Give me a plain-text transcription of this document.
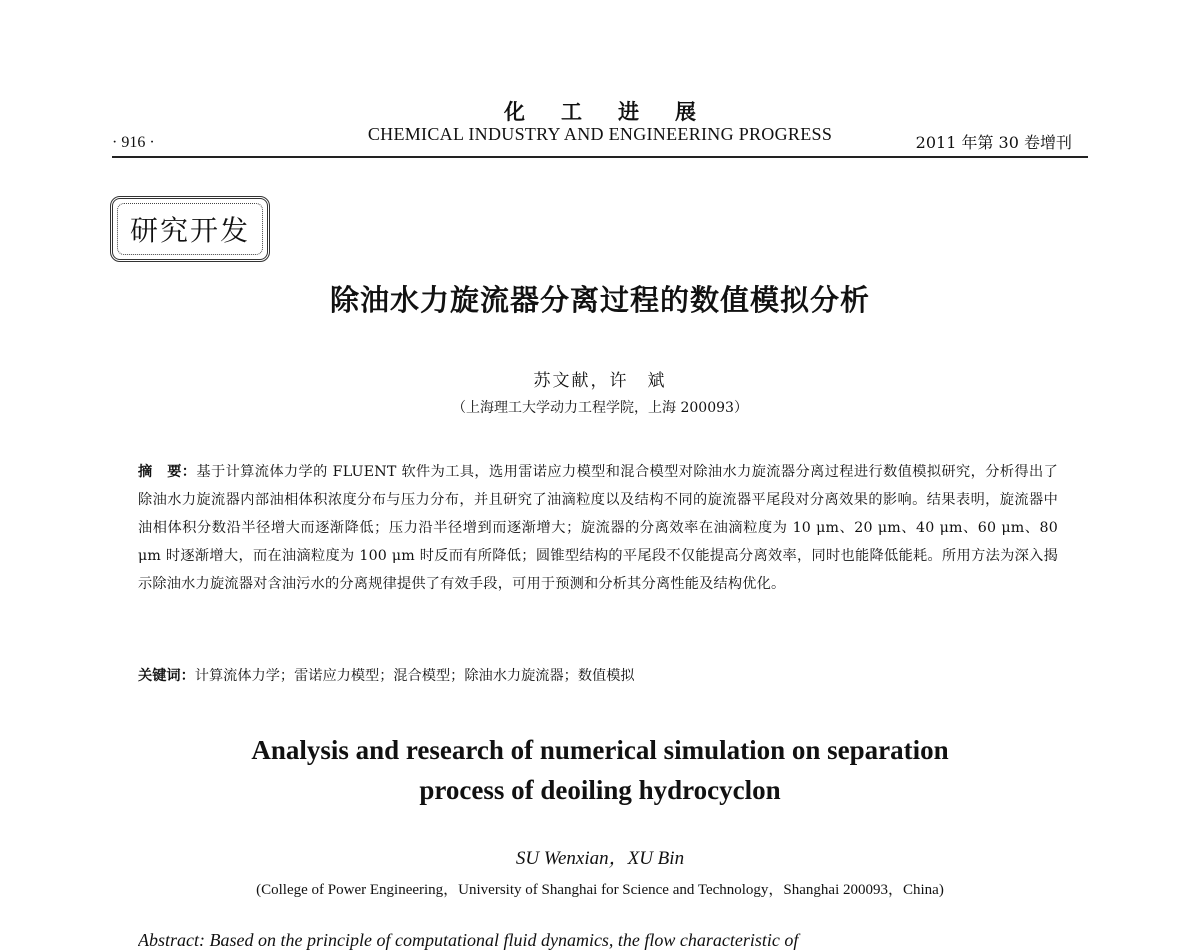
化工进展
· 916 ·	CHEMICAL INDUSTRY AND ENGINEERING PROGRESS	2011 年第 30 卷增刊
研究开发
除油水力旋流器分离过程的数值模拟分析
苏文献，许　斌
（上海理工大学动力工程学院，上海 200093）
摘　要：基于计算流体力学的 FLUENT 软件为工具，选用雷诺应力模型和混合模型对除油水力旋流器分离过程进行数值模拟研究，分析得出了除油水力旋流器内部油相体积浓度分布与压力分布，并且研究了油滴粒度以及结构不同的旋流器平尾段对分离效果的影响。结果表明，旋流器中油相体积分数沿半径增大而逐渐降低；压力沿半径增到而逐渐增大；旋流器的分离效率在油滴粒度为 10 μm、20 μm、40 μm、60 μm、80 μm 时逐渐增大，而在油滴粒度为 100 μm 时反而有所降低；圆锥型结构的平尾段不仅能提高分离效率，同时也能降低能耗。所用方法为深入揭示除油水力旋流器对含油污水的分离规律提供了有效手段，可用于预测和分析其分离性能及结构优化。
关键词：计算流体力学；雷诺应力模型；混合模型；除油水力旋流器；数值模拟
Analysis and research of numerical simulation on separation
process of deoiling hydrocyclon
SU Wenxian，XU Bin
(College of Power Engineering，University of Shanghai for Science and Technology，Shanghai 200093，China)
Abstract: Based on the principle of computational fluid dynamics, the flow characteristic of
